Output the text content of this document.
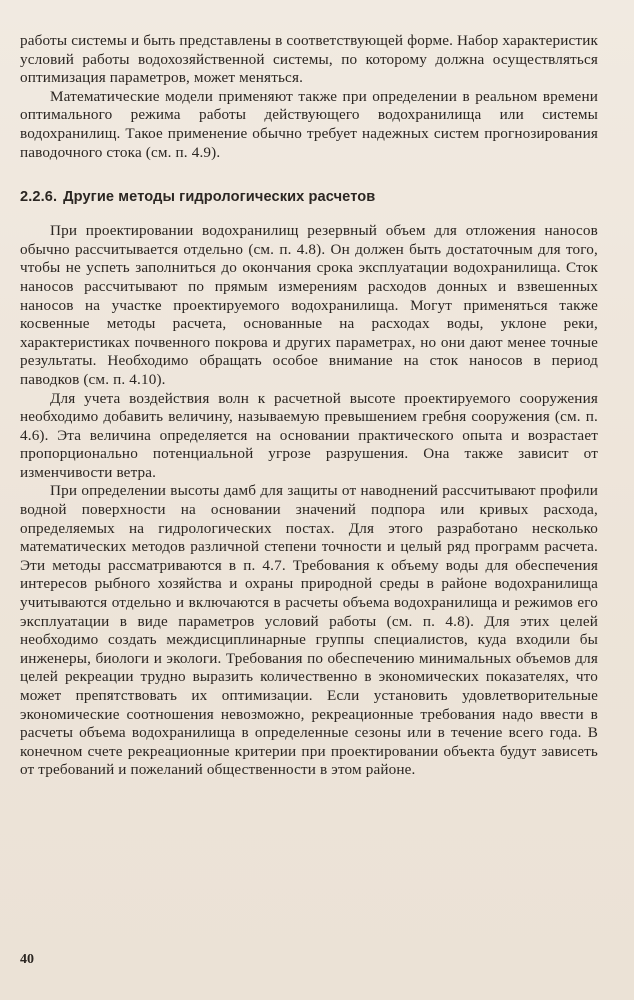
работы системы и быть представлены в соответствующей форме. Набор характеристик условий работы водохозяйственной системы, по которому должна осуществляться оптимизация параметров, может меняться.

Математические модели применяют также при определении в реальном времени оптимального режима работы действующего водохранилища или системы водохранилищ. Такое применение обычно требует надежных систем прогнозирования паводочного стока (см. п. 4.9).

2.2.6. Другие методы гидрологических расчетов

При проектировании водохранилищ резервный объем для отложения наносов обычно рассчитывается отдельно (см. п. 4.8). Он должен быть достаточным для того, чтобы не успеть заполниться до окончания срока эксплуатации водохранилища. Сток наносов рассчитывают по прямым измерениям расходов донных и взвешенных наносов на участке проектируемого водохранилища. Могут применяться также косвенные методы расчета, основанные на расходах воды, уклоне реки, характеристиках почвенного покрова и других параметрах, но они дают менее точные результаты. Необходимо обращать особое внимание на сток наносов в период паводков (см. п. 4.10).

Для учета воздействия волн к расчетной высоте проектируемого сооружения необходимо добавить величину, называемую превышением гребня сооружения (см. п. 4.6). Эта величина определяется на основании практического опыта и возрастает пропорционально потенциальной угрозе разрушения. Она также зависит от изменчивости ветра.

При определении высоты дамб для защиты от наводнений рассчитывают профили водной поверхности на основании значений подпора или кривых расхода, определяемых на гидрологических постах. Для этого разработано несколько математических методов различной степени точности и целый ряд программ расчета. Эти методы рассматриваются в п. 4.7. Требования к объему воды для обеспечения интересов рыбного хозяйства и охраны природной среды в районе водохранилища учитываются отдельно и включаются в расчеты объема водохранилища и режимов его эксплуатации в виде параметров условий работы (см. п. 4.8). Для этих целей необходимо создать междисциплинарные группы специалистов, куда входили бы инженеры, биологи и экологи. Требования по обеспечению минимальных объемов для целей рекреации трудно выразить количественно в экономических показателях, что может препятствовать их оптимизации. Если установить удовлетворительные экономические соотношения невозможно, рекреационные требования надо ввести в расчеты объема водохранилища в определенные сезоны или в течение всего года. В конечном счете рекреационные критерии при проектировании объекта будут зависеть от требований и пожеланий общественности в этом районе.

40
